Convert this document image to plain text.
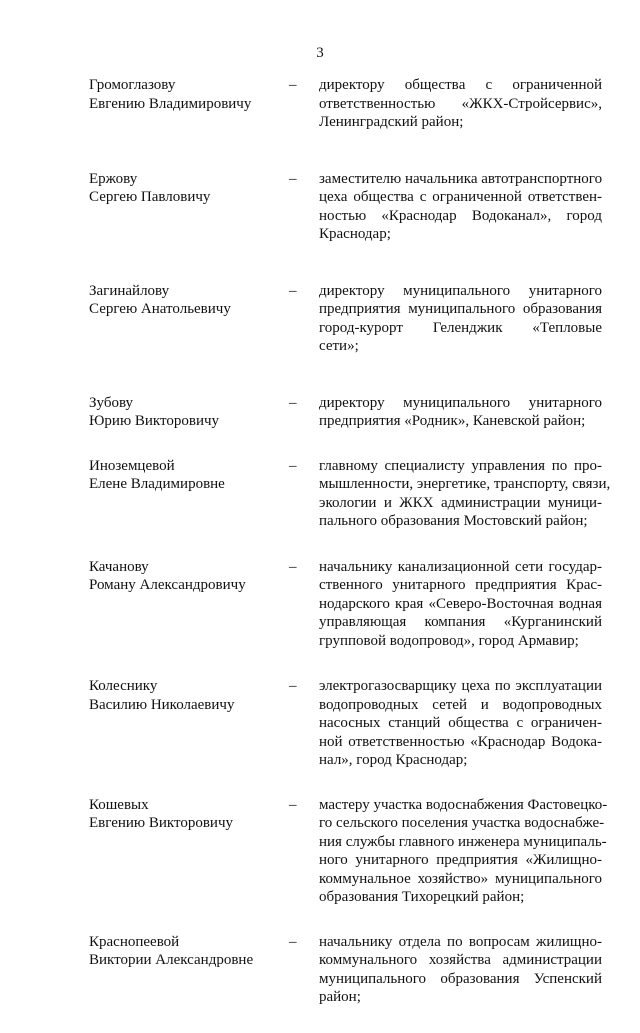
3
Громоглазову
Евгению Владимировичу
– директору обществa с ограниченной
ответственностью «ЖКХ-Стройсервис»,
Ленинградский район;
Ержову
Сергею Павловичу
– заместителю начальника автотранспортного
цеха общества с ограниченной ответствен-
ностью «Краснодар Водоканал», город
Краснодар;
Загинайлову
Сергею Анатольевичу
– директору муниципального унитарного
предприятия муниципального образования
город-курорт Геленджик «Тепловые
сети»;
Зубову
Юрию Викторовичу
– директору муниципального унитарного
предприятия «Родник», Каневской район;
Иноземцевой
Елене Владимировне
– главному специалисту управления по про-
мышленности, энергетике, транспорту, связи,
экологии и ЖКХ администрации муници-
пального образования Мостовский район;
Качанову
Роману Александровичу
– начальнику канализационной сети государ-
ственного унитарного предприятия Крас-
нодарского края «Северо-Восточная водная
управляющая компания «Курганинский
групповой водопровод», город Армавир;
Колеснику
Василию Николаевичу
– электрогазосварщику цеха по эксплуатации
водопроводных сетей и водопроводных
насосных станций общества с ограничен-
ной ответственностью «Краснодар Водока-
нал», город Краснодар;
Кошевых
Евгению Викторовичу
– мастеру участка водоснабжения Фастовецко-
го сельского поселения участка водоснабже-
ния службы главного инженера муниципаль-
ного унитарного предприятия «Жилищно-
коммунальное хозяйство» муниципального
образования Тихорецкий район;
Краснопеевой
Виктории Александровне
– начальнику отдела по вопросам жилищно-
коммунального хозяйства администрации
муниципального образования Успенский
район;
